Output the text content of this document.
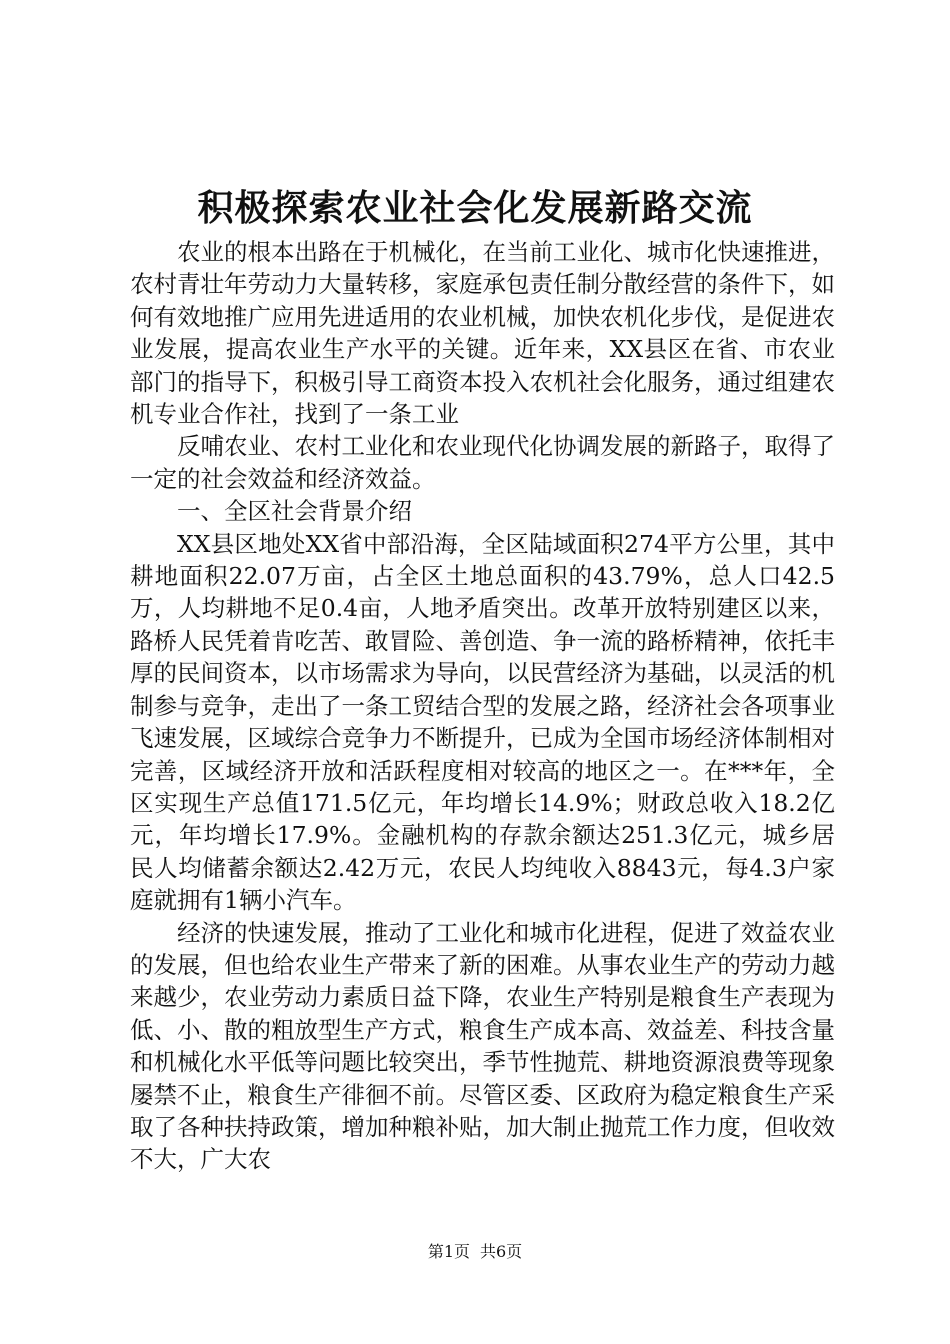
积极探索农业社会化发展新路交流

农业的根本出路在于机械化，在当前工业化、城市化快速推进，农村青壮年劳动力大量转移，家庭承包责任制分散经营的条件下，如何有效地推广应用先进适用的农业机械，加快农机化步伐，是促进农业发展，提高农业生产水平的关键。近年来，XX县区在省、市农业部门的指导下，积极引导工商资本投入农机社会化服务，通过组建农机专业合作社，找到了一条工业

反哺农业、农村工业化和农业现代化协调发展的新路子，取得了一定的社会效益和经济效益。

一、全区社会背景介绍

XX县区地处XX省中部沿海，全区陆域面积274平方公里，其中耕地面积22.07万亩，占全区土地总面积的43.79%，总人口42.5万，人均耕地不足0.4亩，人地矛盾突出。改革开放特别建区以来，路桥人民凭着肯吃苦、敢冒险、善创造、争一流的路桥精神，依托丰厚的民间资本，以市场需求为导向，以民营经济为基础，以灵活的机制参与竞争，走出了一条工贸结合型的发展之路，经济社会各项事业飞速发展，区域综合竞争力不断提升，已成为全国市场经济体制相对完善，区域经济开放和活跃程度相对较高的地区之一。在***年，全区实现生产总值171.5亿元，年均增长14.9%；财政总收入18.2亿元，年均增长17.9%。金融机构的存款余额达251.3亿元，城乡居民人均储蓄余额达2.42万元，农民人均纯收入8843元，每4.3户家庭就拥有1辆小汽车。

经济的快速发展，推动了工业化和城市化进程，促进了效益农业的发展，但也给农业生产带来了新的困难。从事农业生产的劳动力越来越少，农业劳动力素质日益下降，农业生产特别是粮食生产表现为低、小、散的粗放型生产方式，粮食生产成本高、效益差、科技含量和机械化水平低等问题比较突出，季节性抛荒、耕地资源浪费等现象屡禁不止，粮食生产徘徊不前。尽管区委、区政府为稳定粮食生产采取了各种扶持政策，增加种粮补贴，加大制止抛荒工作力度，但收效不大，广大农

第1页 共6页
